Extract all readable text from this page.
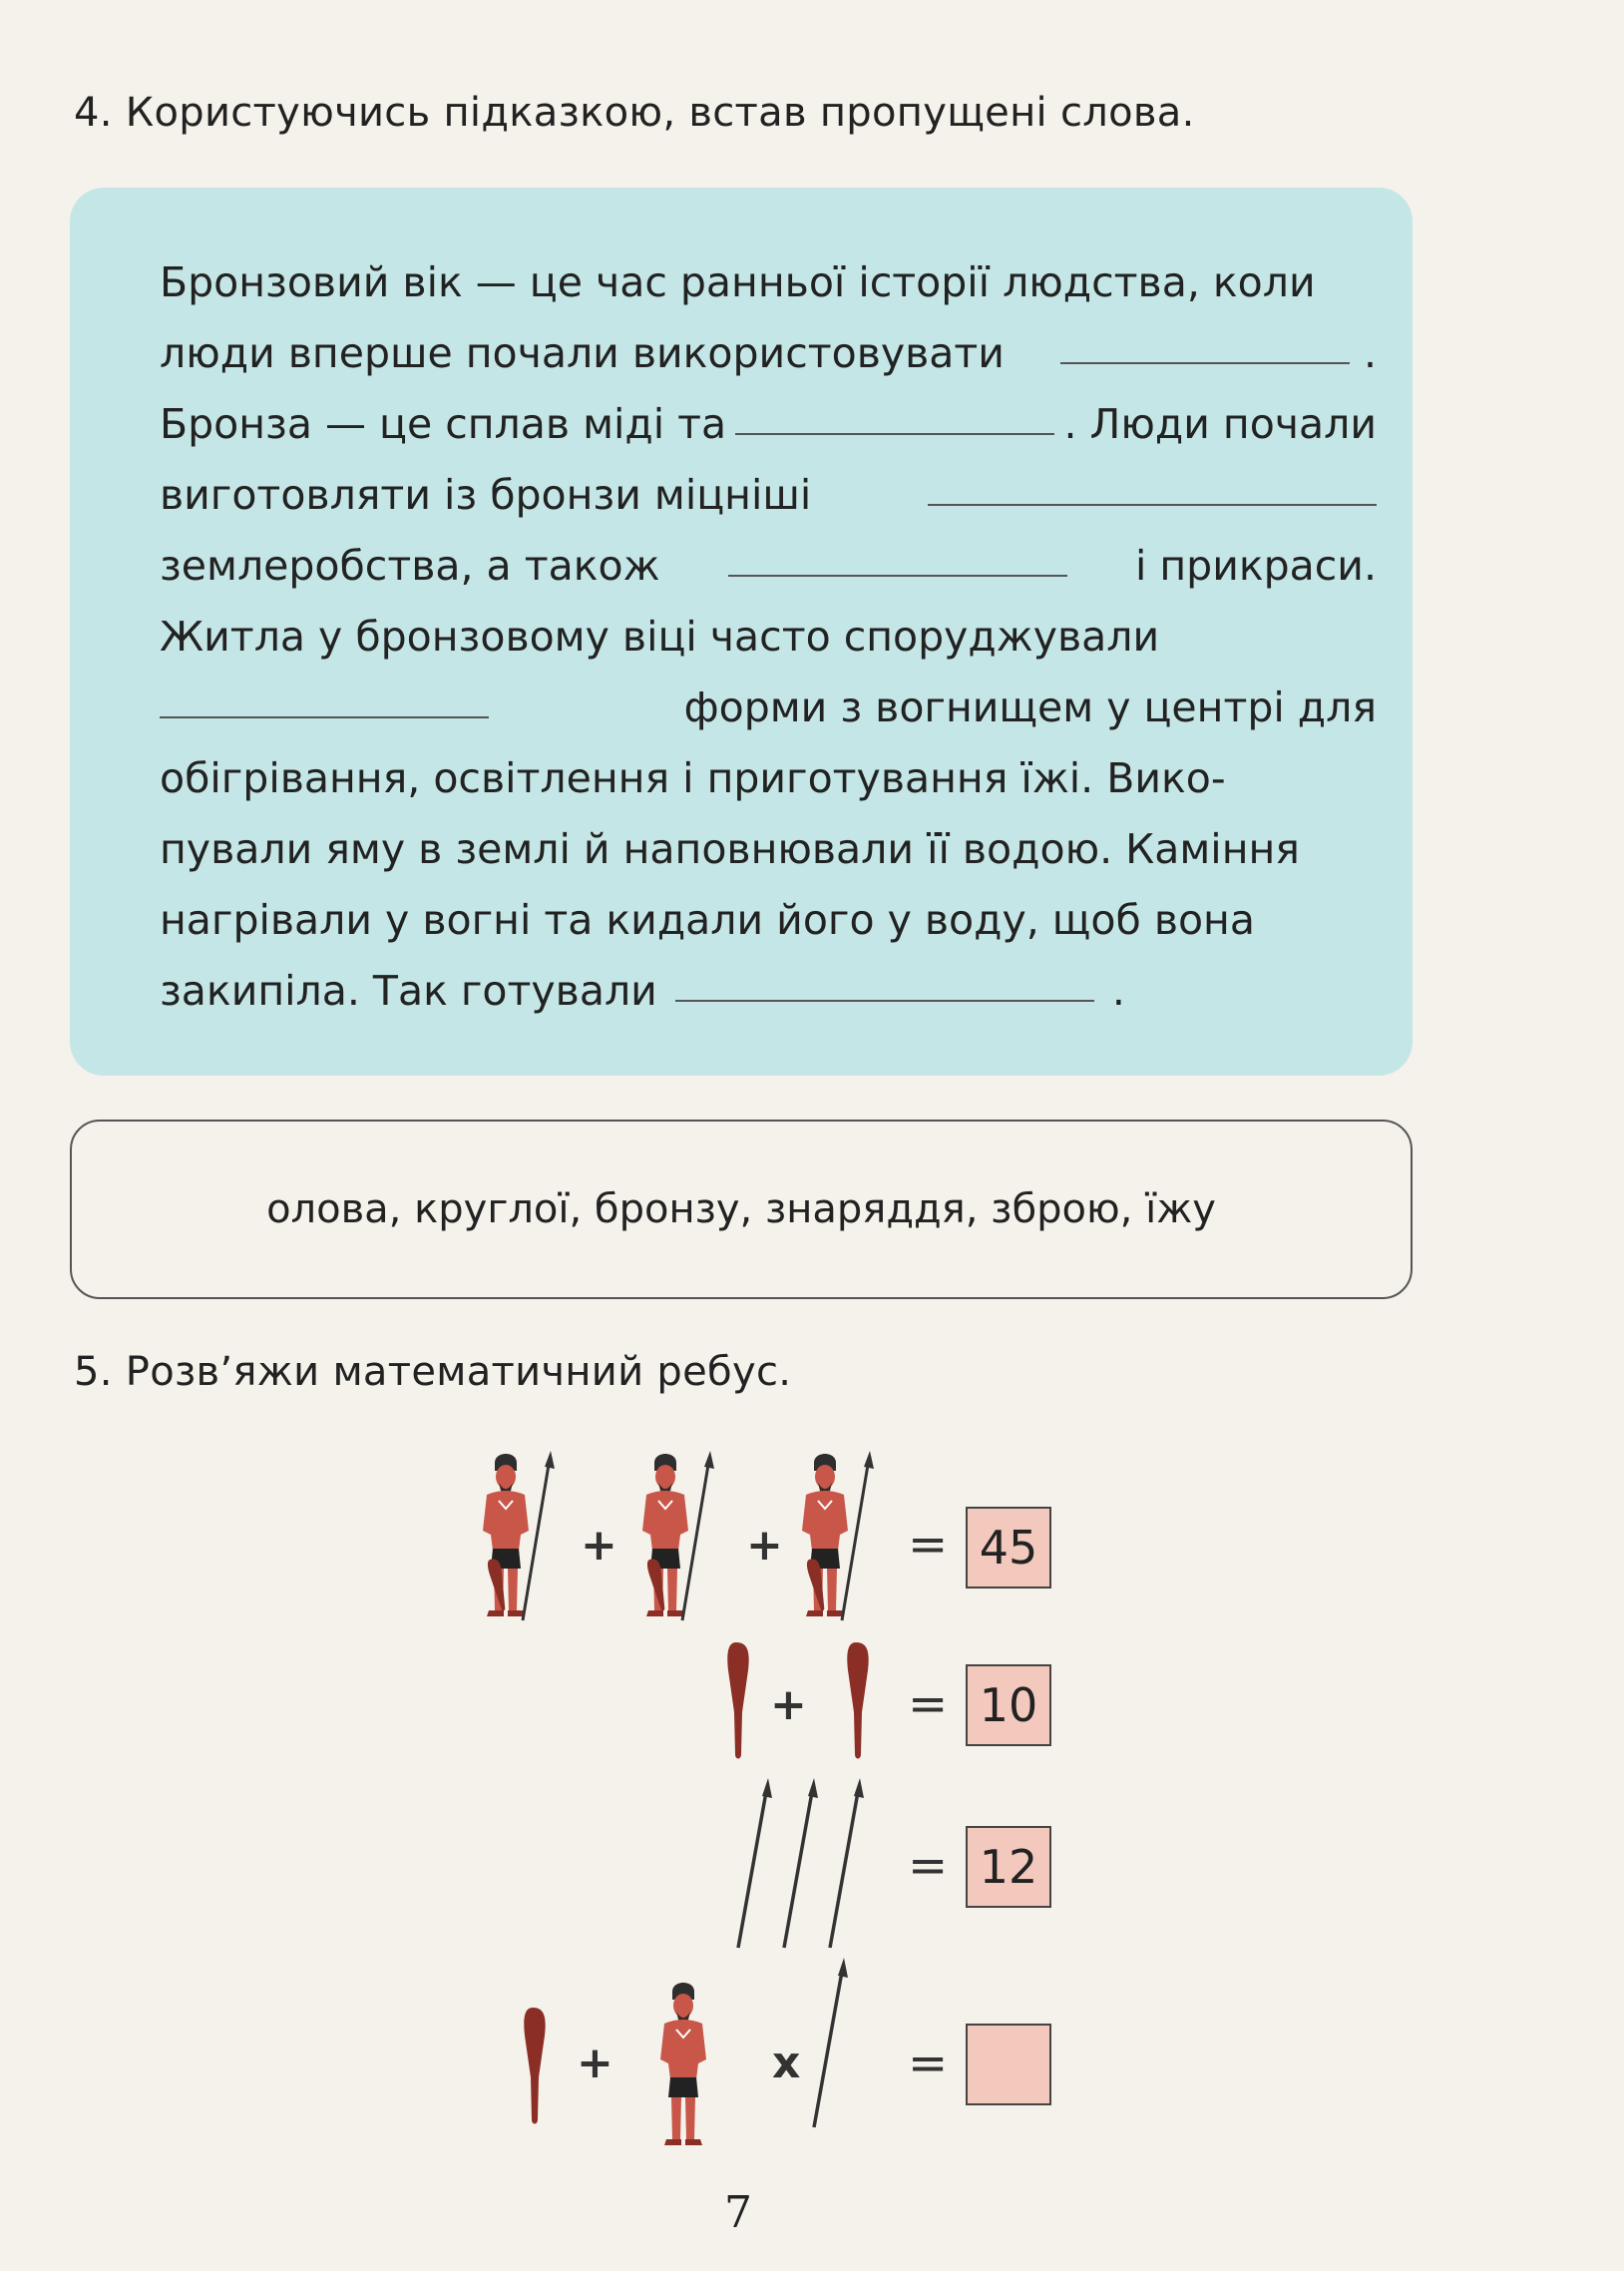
4. Користуючись підказкою, встав пропущені слова.
Бронзовий вік — це час ранньої історії людства, коли
люди вперше почали використовувати	.
Бронза — це сплав міді та	. Люди почали
виготовляти із бронзи міцніші
землеробства, а також	і прикраси.
Житла у бронзовому віці часто споруджували
форми з вогнищем у центрі для
обігрівання, освітлення і приготування їжі. Вико-
пували яму в землі й наповнювали її водою. Каміння
нагрівали у вогні та кидали його у воду, щоб вона
закипіла. Так готували	.
олова, круглої, бронзу, знаряддя, зброю, їжу
5. Розв’яжи математичний ребус.
+	+	= 45
+ = 10
= 12
+	x =
7
